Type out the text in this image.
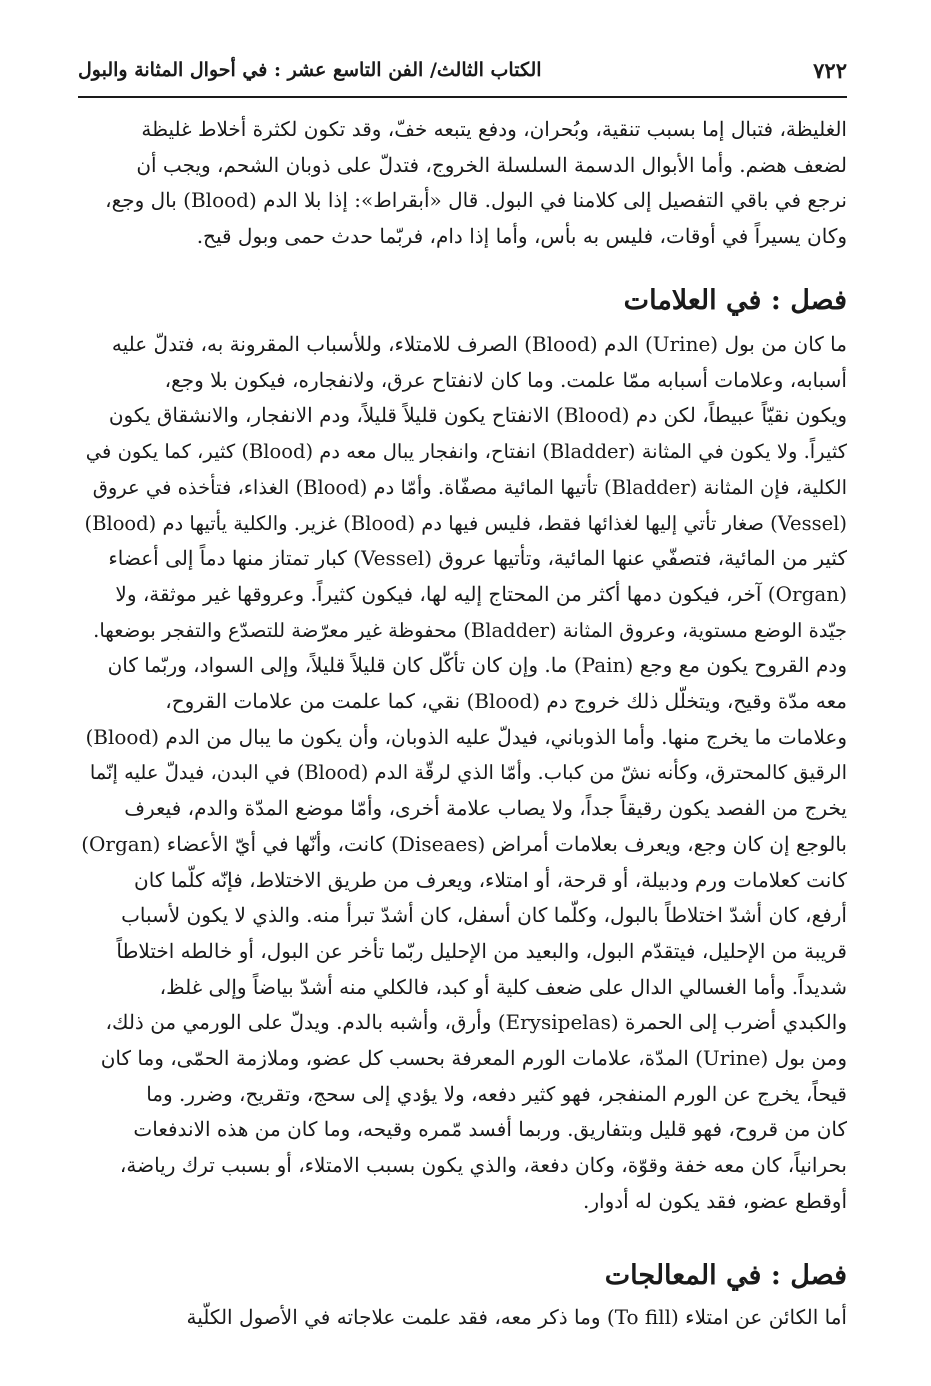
٧٢٢
الكتاب الثالث/ الفن التاسع عشر : في أحوال المثانة والبول
الغليظة، فتبال إما بسبب تنقية، وبُحران، ودفع يتبعه خفّ، وقد تكون لكثرة أخلاط غليظة
لضعف هضم. وأما الأبوال الدسمة السلسلة الخروج، فتدلّ على ذوبان الشحم، ويجب أن
نرجع في باقي التفصيل إلى كلامنا في البول. قال «أبقراط»: إذا بلا الدم (Blood) بال وجع،
وكان يسيراً في أوقات، فليس به بأس، وأما إذا دام، فربّما حدث حمى وبول قيح.
فصل : في العلامات
ما كان من بول (Urine) الدم (Blood) الصرف للامتلاء، وللأسباب المقرونة به، فتدلّ عليه
أسبابه، وعلامات أسبابه ممّا علمت. وما كان لانفتاح عرق، ولانفجاره، فيكون بلا وجع،
ويكون نقيّاً عبيطاً، لكن دم (Blood) الانفتاح يكون قليلاً قليلاً، ودم الانفجار، والانشقاق يكون
كثيراً. ولا يكون في المثانة (Bladder) انفتاح، وانفجار يبال معه دم (Blood) كثير، كما يكون في
الكلية، فإن المثانة (Bladder) تأتيها المائية مصفّاة. وأمّا دم (Blood) الغذاء، فتأخذه في عروق
(Vessel) صغار تأتي إليها لغذائها فقط، فليس فيها دم (Blood) غزير. والكلية يأتيها دم (Blood)
كثير من المائية، فتصفّي عنها المائية، وتأتيها عروق (Vessel) كبار تمتاز منها دماً إلى أعضاء
(Organ) آخر، فيكون دمها أكثر من المحتاج إليه لها، فيكون كثيراً. وعروقها غير موثقة، ولا
جيّدة الوضع مستوية، وعروق المثانة (Bladder) محفوظة غير معرّضة للتصدّع والتفجر بوضعها.
ودم القروح يكون مع وجع (Pain) ما. وإن كان تأكّل كان قليلاً قليلاً، وإلى السواد، وربّما كان
معه مدّة وقيح، ويتخلّل ذلك خروج دم (Blood) نقي، كما علمت من علامات القروح،
وعلامات ما يخرج منها. وأما الذوباني، فيدلّ عليه الذوبان، وأن يكون ما يبال من الدم (Blood)
الرقيق كالمحترق، وكأنه نشّ من كباب. وأمّا الذي لرقّة الدم (Blood) في البدن، فيدلّ عليه إنّما
يخرج من الفصد يكون رقيقاً جداً، ولا يصاب علامة أخرى، وأمّا موضع المدّة والدم، فيعرف
بالوجع إن كان وجع، ويعرف بعلامات أمراض (Diseaes) كانت، وأنّها في أيّ الأعضاء (Organ)
كانت كعلامات ورم ودبيلة، أو قرحة، أو امتلاء، ويعرف من طريق الاختلاط، فإنّه كلّما كان
أرفع، كان أشدّ اختلاطاً بالبول، وكلّما كان أسفل، كان أشدّ تبرأ منه. والذي لا يكون لأسباب
قريبة من الإحليل، فيتقدّم البول، والبعيد من الإحليل ربّما تأخر عن البول، أو خالطه اختلاطاً
شديداً. وأما الغسالي الدال على ضعف كلية أو كبد، فالكلي منه أشدّ بياضاً وإلى غلظ،
والكبدي أضرب إلى الحمرة (Erysipelas) وأرق، وأشبه بالدم. ويدلّ على الورمي من ذلك،
ومن بول (Urine) المدّة، علامات الورم المعرفة بحسب كل عضو، وملازمة الحمّى، وما كان
قيحاً، يخرج عن الورم المنفجر، فهو كثير دفعه، ولا يؤدي إلى سحج، وتقريح، وضرر. وما
كان من قروح، فهو قليل وبتفاريق. وربما أفسد مّمره وقيحه، وما كان من هذه الاندفعات
بحرانياً، كان معه خفة وقوّة، وكان دفعة، والذي يكون بسبب الامتلاء، أو بسبب ترك رياضة،
أوقطع عضو، فقد يكون له أدوار.
فصل : في المعالجات
أما الكائن عن امتلاء (To fill) وما ذكر معه، فقد علمت علاجاته في الأصول الكلّية
